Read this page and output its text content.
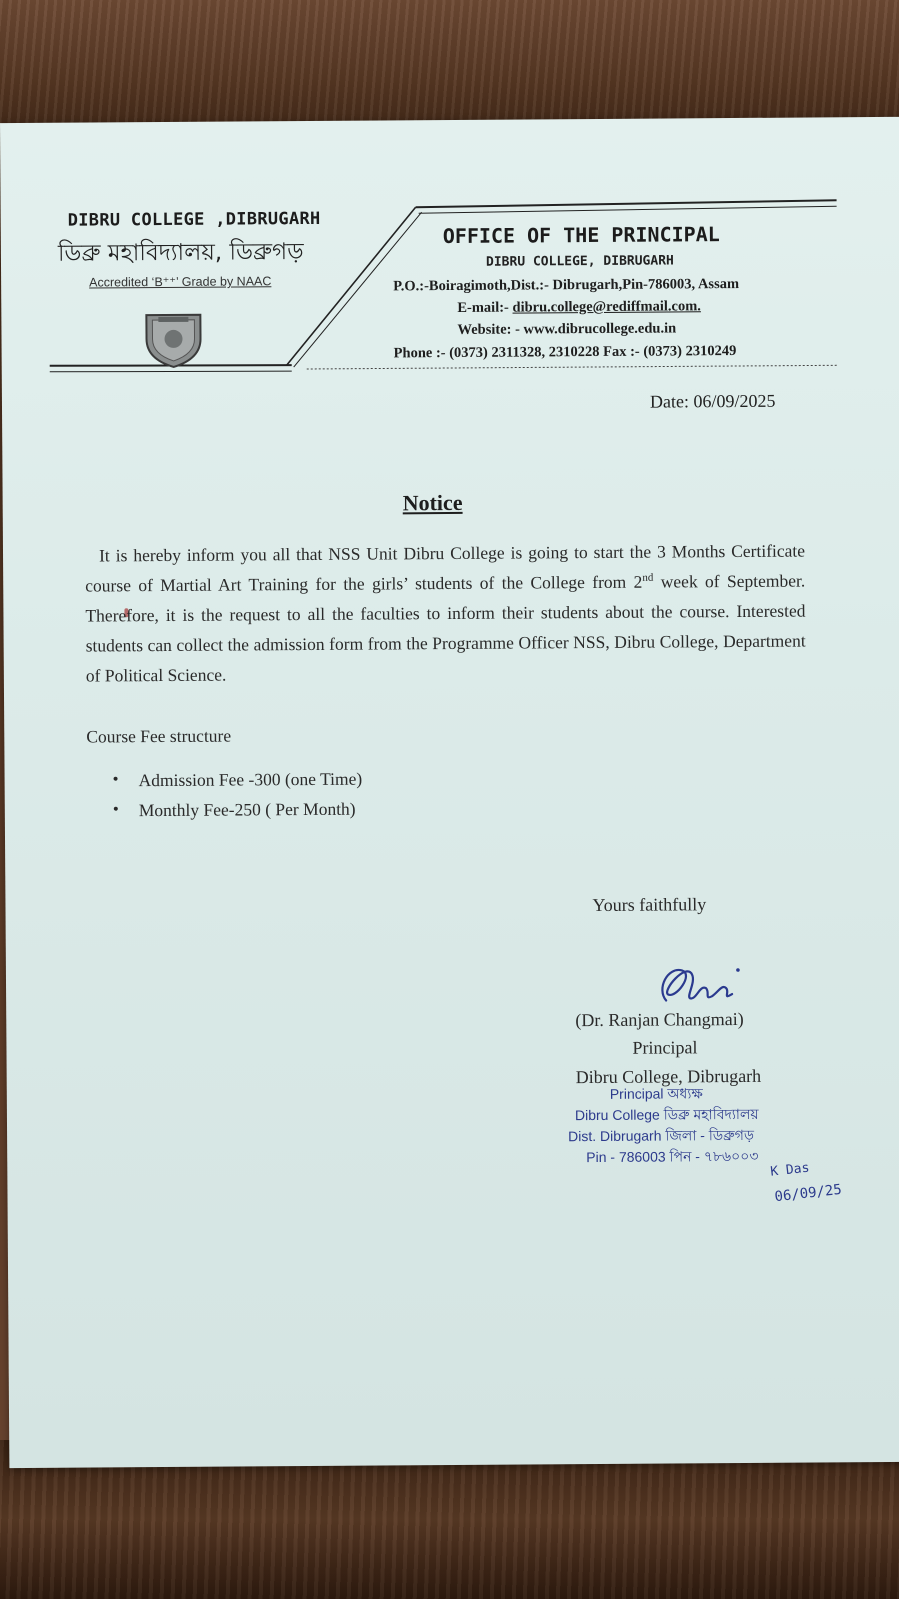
DIBRU COLLEGE ,DIBRUGARH
ডিব্রু মহাবিদ্যালয়, ডিব্রুগড়
Accredited ‘B⁺⁺’ Grade by NAAC
OFFICE OF THE PRINCIPAL
DIBRU COLLEGE, DIBRUGARH
P.O.:-Boiragimoth,Dist.:- Dibrugarh,Pin-786003, Assam
E-mail:- dibru.college@rediffmail.com.
Website: - www.dibrucollege.edu.in
Phone :- (0373) 2311328, 2310228 Fax :- (0373) 2310249
Date: 06/09/2025
Notice
It is hereby inform you all that NSS Unit Dibru College is going to start the 3 Months Certificate course of Martial Art Training for the girls’ students of the College from 2nd week of September. Therefore, it is the request to all the faculties to inform their students about the course. Interested students can collect the admission form from the Programme Officer NSS, Dibru College, Department of Political Science.
Course Fee structure
• Admission Fee -300 (one Time)
• Monthly Fee-250 ( Per Month)
Yours faithfully
(Dr. Ranjan Changmai)
Principal
Dibru College, Dibrugarh
Principal অধ্যক্ষ
Dibru College ডিব্রু মহাবিদ্যালয়
Dist. Dibrugarh জিলা - ডিব্রুগড়
Pin - 786003 পিন - ৭৮৬০০৩
K Das
06/09/25
